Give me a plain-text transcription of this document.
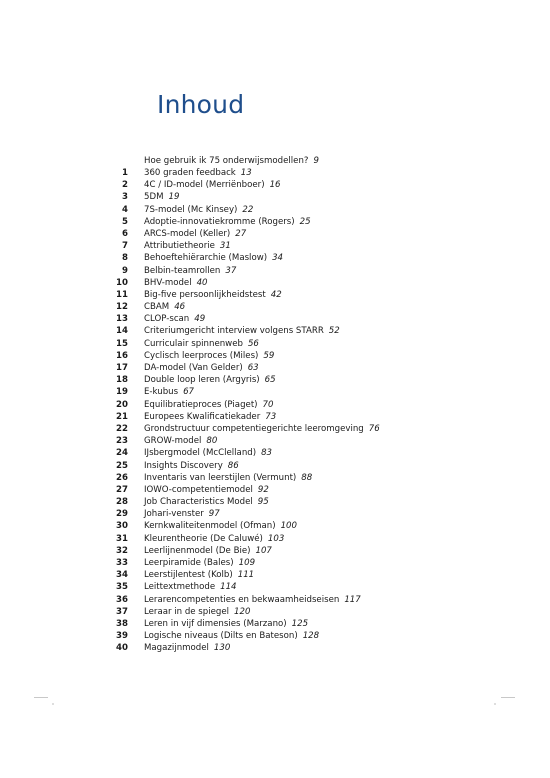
Inhoud
Hoe gebruik ik 75 onderwijsmodellen? 9
1 360 graden feedback 13
2 4C / ID-model (Merriënboer) 16
3 5DM 19
4 7S-model (Mc Kinsey) 22
5 Adoptie-innovatiekromme (Rogers) 25
6 ARCS-model (Keller) 27
7 Attributietheorie 31
8 Behoeftehiërarchie (Maslow) 34
9 Belbin-teamrollen 37
10 BHV-model 40
11 Big-five persoonlijkheidstest 42
12 CBAM 46
13 CLOP-scan 49
14 Criteriumgericht interview volgens STARR 52
15 Curriculair spinnenweb 56
16 Cyclisch leerproces (Miles) 59
17 DA-model (Van Gelder) 63
18 Double loop leren (Argyris) 65
19 E-kubus 67
20 Equilibratieproces (Piaget) 70
21 Europees Kwalificatiekader 73
22 Grondstructuur competentiegerichte leeromgeving 76
23 GROW-model 80
24 IJsbergmodel (McClelland) 83
25 Insights Discovery 86
26 Inventaris van leerstijlen (Vermunt) 88
27 IOWO-competentiemodel 92
28 Job Characteristics Model 95
29 Johari-venster 97
30 Kernkwaliteitenmodel (Ofman) 100
31 Kleurentheorie (De Caluwé) 103
32 Leerlijnenmodel (De Bie) 107
33 Leerpiramide (Bales) 109
34 Leerstijlentest (Kolb) 111
35 Leittextmethode 114
36 Lerarencompetenties en bekwaamheidseisen 117
37 Leraar in de spiegel 120
38 Leren in vijf dimensies (Marzano) 125
39 Logische niveaus (Dilts en Bateson) 128
40 Magazijnmodel 130
